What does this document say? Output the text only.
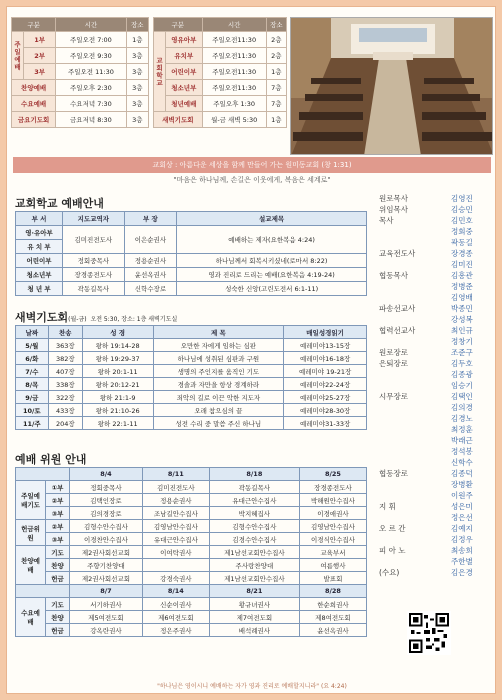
구분		시간	장소
주일예배	1부	주일오전 7:00	1층
	2부	주일오전 9:30	3층
	3부	주일오전 11:30	3층
찬양예배		주일오후 2:30	3층
수요예배		수요저녁 7:30	3층
금요기도회		금요저녁 8:30	3층
구분		시간	장소
교회학교	영유아부	주일오전11:30	2층
	유치부	주일오전11:30	2층
	어린이부	주일오전11:30	1층
	청소년부	주일오전11:30	7층
	청년예배	주일오후 1:30	7층
새벽기도회		월-금 새벽 5:30	1층
교회상 : 아름다운 세상을 함께 만들어 가는 원미동교회 (창 1:31)
"마음은 하나님께, 손길은 이웃에게, 복음은 세계로"
교회학교 예배안내
부 서	지도교역자	부 장	설교제목
영·유아부	김미진전도사	이은순권사	예배하는 제자(요한복음 4:24)
유 치 부			
어린이부	정회중목사	정용순권사	하나님께서 회복시키셨네(로마서 8:22)
청소년부	장경종전도사	윤선옥권사	영과 진리로 드리는 예배(요한복음 4:19-24)
청 년 부	곽동길목사	신학수장로	성숙한 신앙(고린도전서 6:1-11)
새벽기도회(월-금) 오전 5:30, 장소: 1층 새벽기도실
날짜	찬송	성 경	제 목	매일성경읽기
5/월	363장	왕하 19:14-28	오만한 자에게 임하는 심판	예레미야13-15장
6/화	382장	왕하 19:29-37	하나님에 성취된 심판과 구원	예레미야16-18장
7/수	407장	왕하 20:1-11	생명의 주인지를 움직인 기도	예레미야 19-21장
8/목	338장	왕하 20:12-21	경솔과 자만을 항상 경계하라	예레미야22-24장
9/금	322장	왕하 21:1-9	죄악의 길로 이끈 악한 지도자	예레미야25-27장
10/토	433장	왕하 21:10-26	오래 참으심의 끝	예레미야28-30장
11/주	204장	왕하 22:1-11	성전 수리 중 말씀 주신 하나님	예레미야31-33장
예배 위원 안내
		8/4	8/11	8/18	8/25
주일예배기도	①부	정회중목사	김미진전도사	곽동길목사	장경종전도사
	②부	김택인장로	정용순권사	유대근안수집사	박해원안수집사
	③부	김의경장로	조남길안수집사	박지혜집사	이경애권사
헌금위원	②부	김형수안수집사	김영남안수집사	김형수안수집사	김영남안수집사
	③부	이경찬안수집사	유대근안수집사	김경수안수집사	이경식안수집사
찬양예배	기도	제2권사회선교회	이여탁권사	제1남선교회안수집사	교육부서
	찬양	주향기찬양대		주사랑찬양대	여름행사
	헌금	제2권사회선교회	강경숙권사	제1남선교회안수집사	발표회
		8/7	8/14	8/21	8/28
수요예배	기도	서기하권사	신순이권사	황규녀권사	한순희권사
	찬양	제5여전도회	제6여전도회	제7여전도회	제8여전도회
	헌금	강옥란권사	정은주권사	배석례권사	윤선옥권사
원로목사	김영진
위임목사	김승민
목사	김민호
정회중
곽동길
교육전도사	장경종
김미진
협동목사	김흥관
정병준
김영배
파송선교사	박종민
강성복
협력선교사	최인규
정창기
원로장로	조준구
은퇴장로	김두호
김종광
임승기
시무장로	김택인
김의경
김경노
최정훈
박래근
정석봉
신학수
협동장로	김종덕
장병환
이원주
지 휘	성은미
정은선
오 르 간	김예지
김정우
피 아 노	최송희
주한별
(수요)	김은경
"하나님은 영이시니 예배하는 자가 영과 진리로 예배할지니라" (요 4:24)
